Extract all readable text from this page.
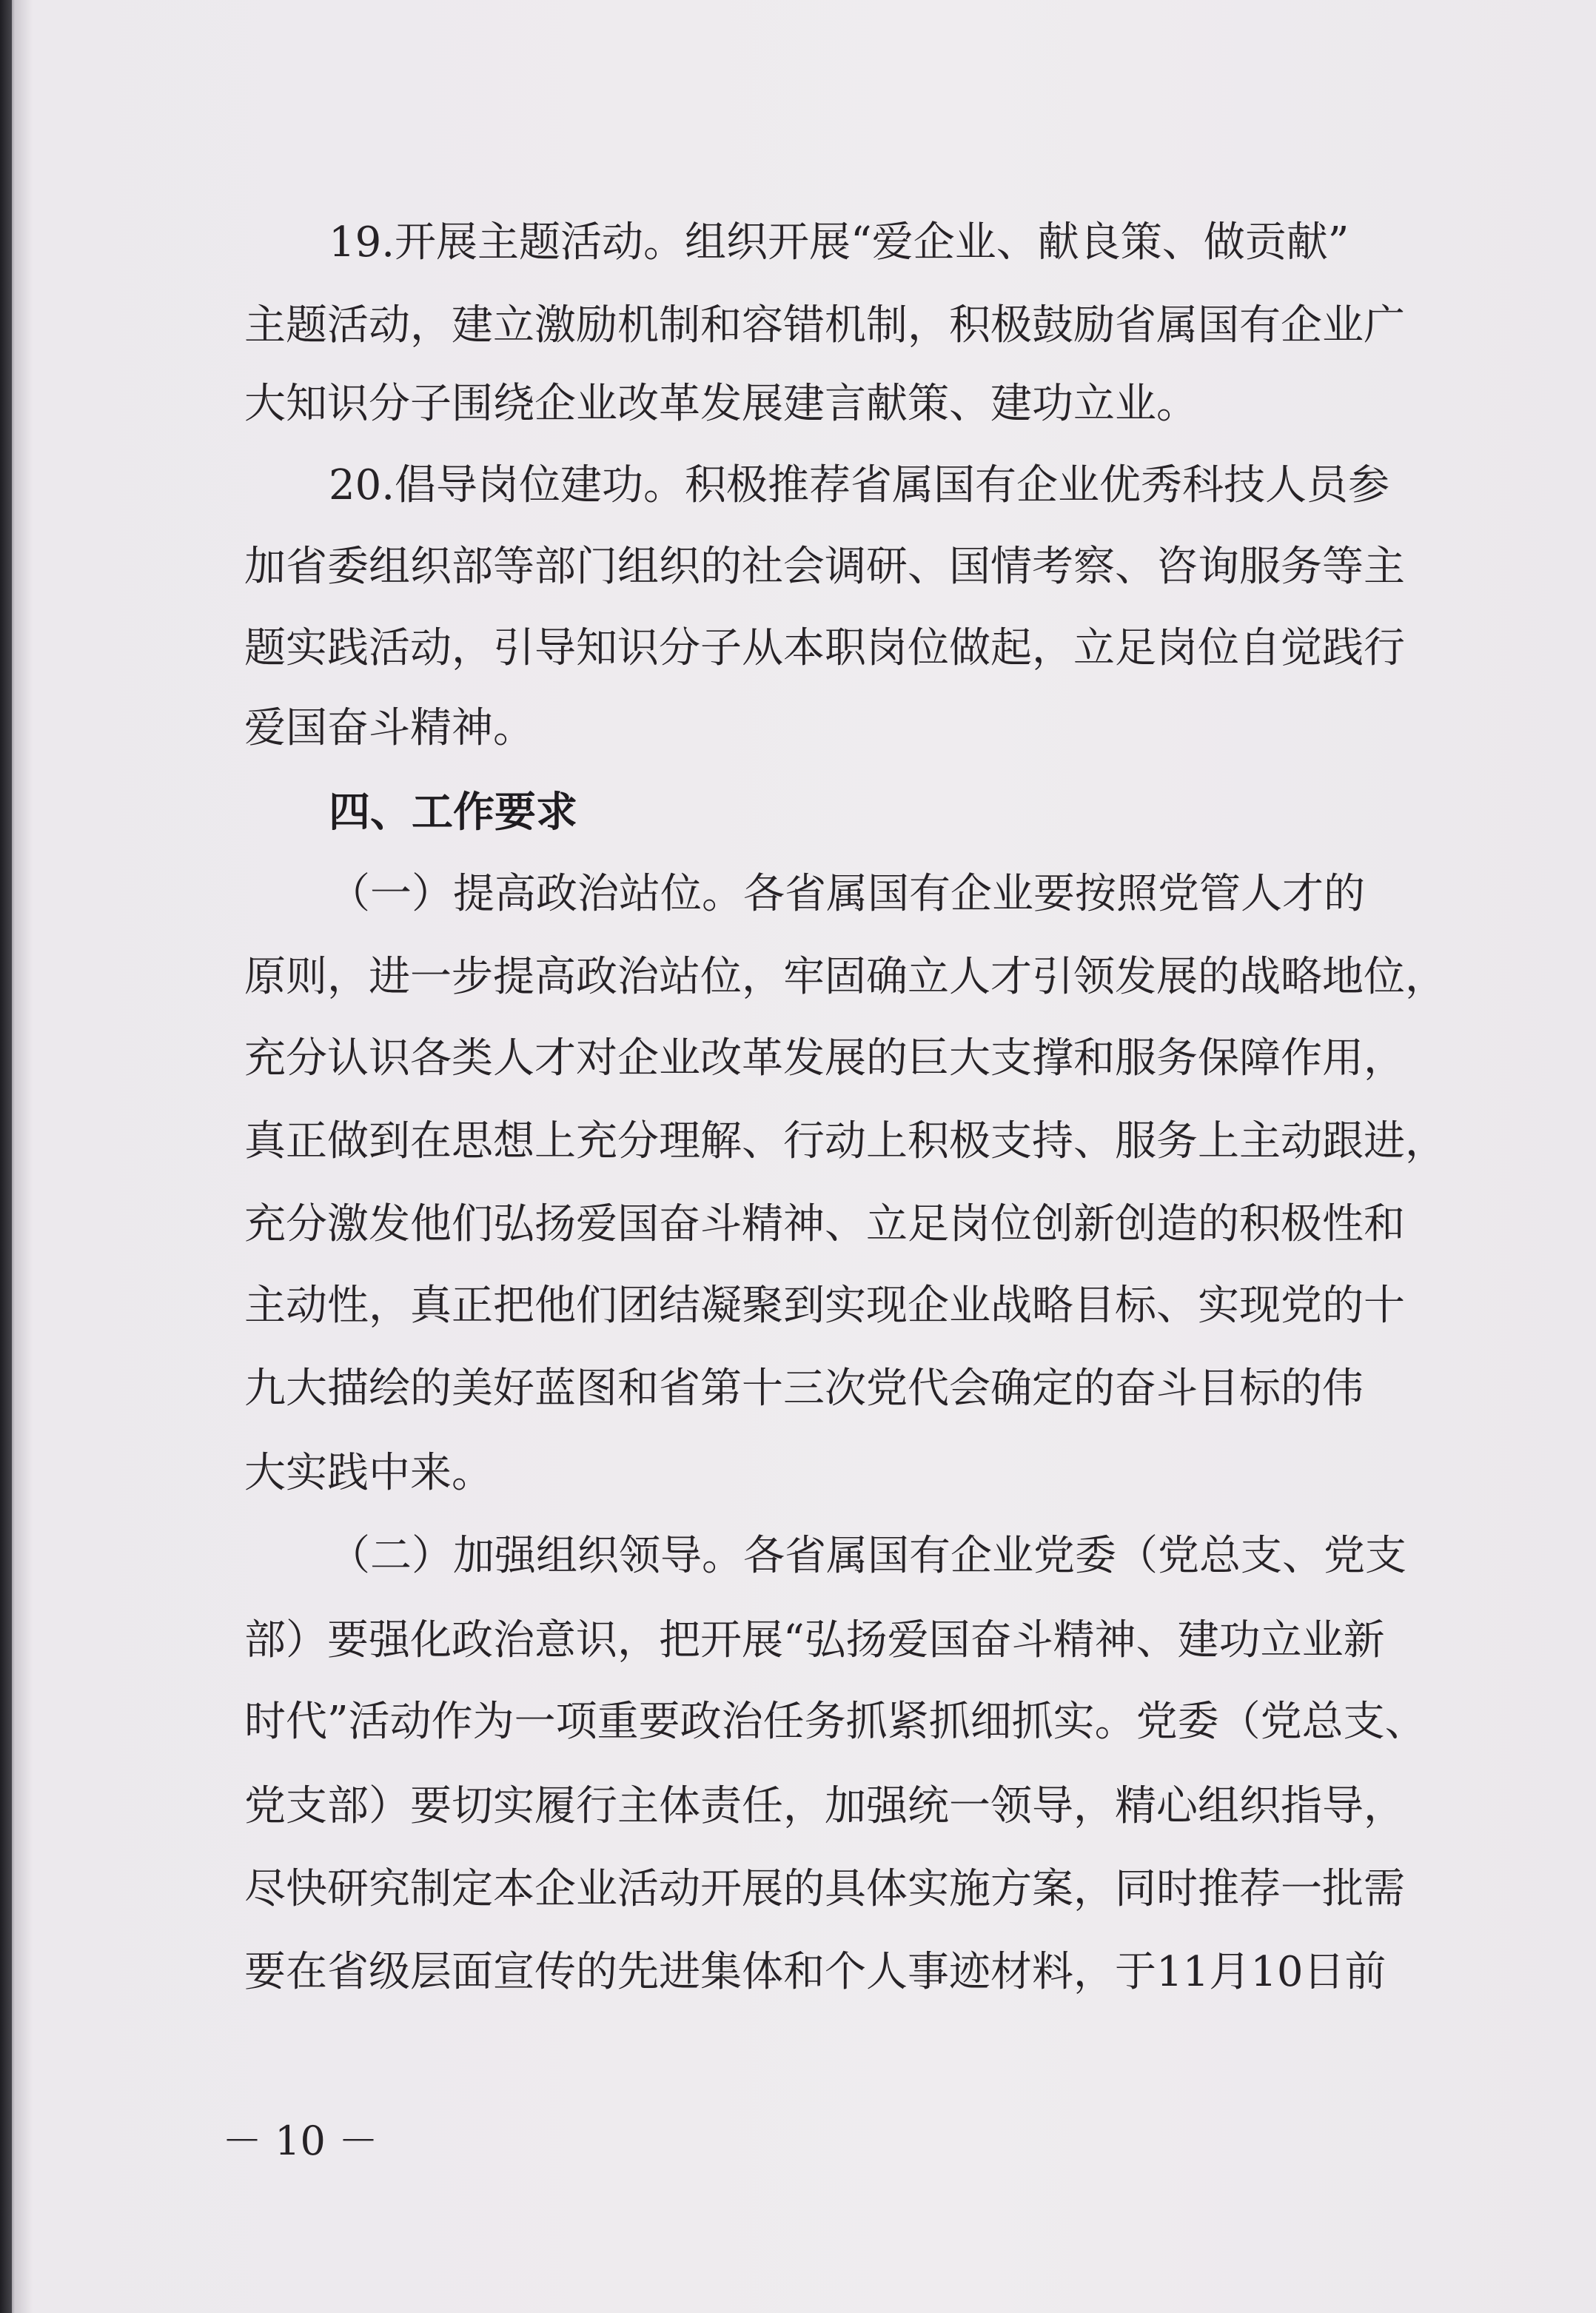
19.开展主题活动。组织开展“爱企业、献良策、做贡献”
主题活动，建立激励机制和容错机制，积极鼓励省属国有企业广
大知识分子围绕企业改革发展建言献策、建功立业。
20.倡导岗位建功。积极推荐省属国有企业优秀科技人员参
加省委组织部等部门组织的社会调研、国情考察、咨询服务等主
题实践活动，引导知识分子从本职岗位做起，立足岗位自觉践行
爱国奋斗精神。
四、工作要求
（一）提高政治站位。各省属国有企业要按照党管人才的
原则，进一步提高政治站位，牢固确立人才引领发展的战略地位，
充分认识各类人才对企业改革发展的巨大支撑和服务保障作用，
真正做到在思想上充分理解、行动上积极支持、服务上主动跟进，
充分激发他们弘扬爱国奋斗精神、立足岗位创新创造的积极性和
主动性，真正把他们团结凝聚到实现企业战略目标、实现党的十
九大描绘的美好蓝图和省第十三次党代会确定的奋斗目标的伟
大实践中来。
（二）加强组织领导。各省属国有企业党委（党总支、党支
部）要强化政治意识，把开展“弘扬爱国奋斗精神、建功立业新
时代”活动作为一项重要政治任务抓紧抓细抓实。党委（党总支、
党支部）要切实履行主体责任，加强统一领导，精心组织指导，
尽快研究制定本企业活动开展的具体实施方案，同时推荐一批需
要在省级层面宣传的先进集体和个人事迹材料，于11月10日前
－ 10 －
